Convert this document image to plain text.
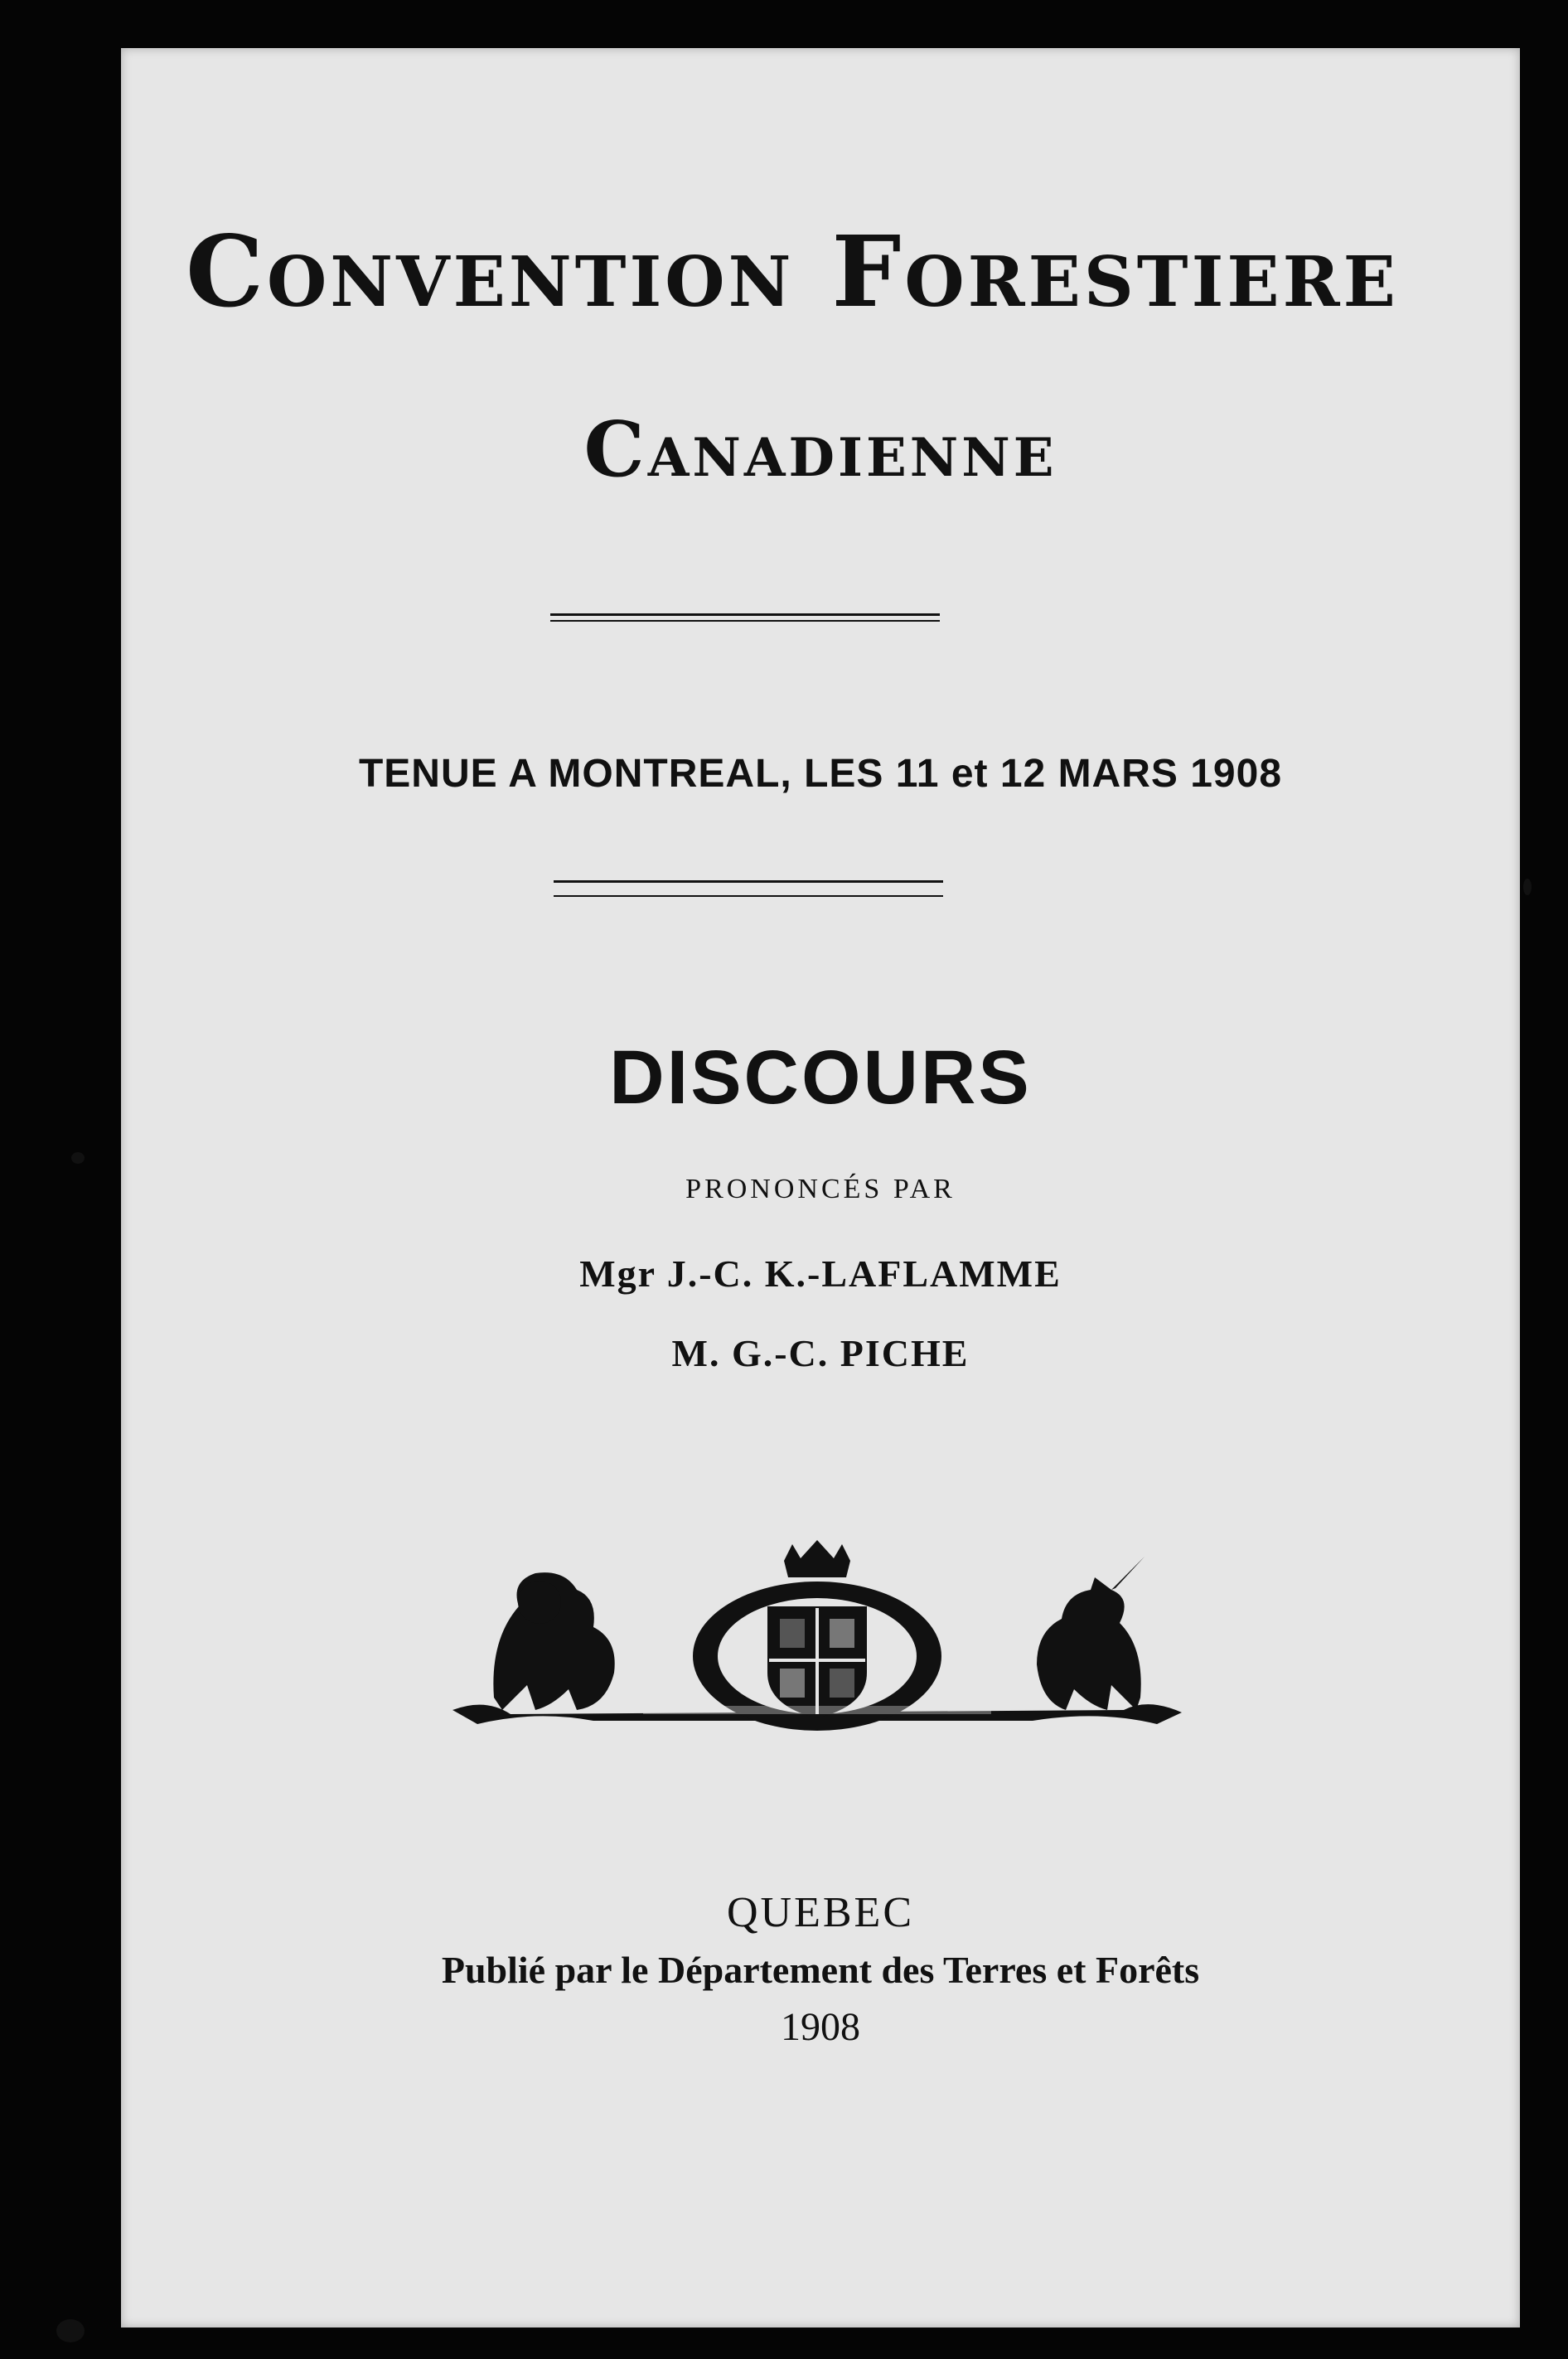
Convention Forestiere
Canadienne
TENUE A MONTREAL, LES 11 et 12 MARS 1908
DISCOURS
PRONONCÉS PAR
Mgr J.-C. K.-LAFLAMME
M. G.-C. PICHE
QUEBEC
Publié par le Département des Terres et Forêts
1908
